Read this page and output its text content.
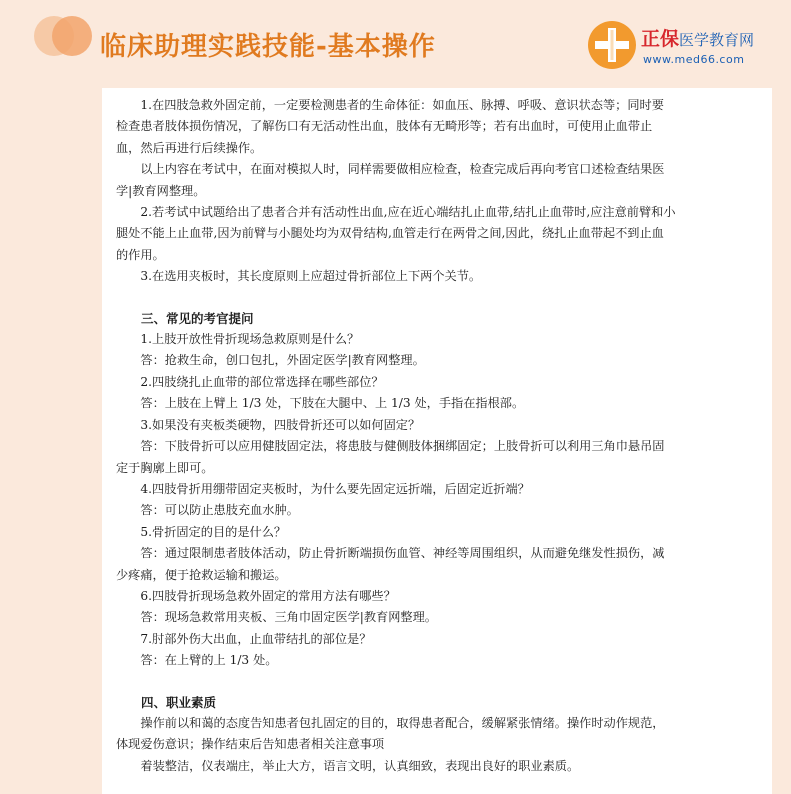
临床助理实践技能-基本操作	正保医学教育网
www.med66.com

1.在四肢急救外固定前，一定要检测患者的生命体征：如血压、脉搏、呼吸、意识状态等；同时要检查患者肢体损伤情况，了解伤口有无活动性出血，肢体有无畸形等；若有出血时，可使用止血带止血，然后再进行后续操作。

以上内容在考试中，在面对模拟人时，同样需要做相应检查，检查完成后再向考官口述检查结果医学|教育网整理。

2.若考试中试题给出了患者合并有活动性出血,应在近心端结扎止血带,结扎止血带时,应注意前臂和小腿处不能上止血带,因为前臂与小腿处均为双骨结构,血管走行在两骨之间,因此，绕扎止血带起不到止血的作用。

3.在选用夹板时，其长度原则上应超过骨折部位上下两个关节。

三、常见的考官提问

1.上肢开放性骨折现场急救原则是什么？

答：抢救生命，创口包扎，外固定医学|教育网整理。

2.四肢绕扎止血带的部位常选择在哪些部位？

答：上肢在上臂上 1/3 处，下肢在大腿中、上 1/3 处，手指在指根部。

3.如果没有夹板类硬物，四肢骨折还可以如何固定？

答：下肢骨折可以应用健肢固定法，将患肢与健侧肢体捆绑固定；上肢骨折可以利用三角巾悬吊固定于胸廓上即可。

4.四肢骨折用绷带固定夹板时，为什么要先固定远折端，后固定近折端？

答：可以防止患肢充血水肿。

5.骨折固定的目的是什么？

答：通过限制患者肢体活动，防止骨折断端损伤血管、神经等周围组织，从而避免继发性损伤，减少疼痛，便于抢救运输和搬运。

6.四肢骨折现场急救外固定的常用方法有哪些？

答：现场急救常用夹板、三角巾固定医学|教育网整理。

7.肘部外伤大出血，止血带结扎的部位是？

答：在上臂的上 1/3 处。

四、职业素质

操作前以和蔼的态度告知患者包扎固定的目的，取得患者配合，缓解紧张情绪。操作时动作规范，体现爱伤意识；操作结束后告知患者相关注意事项

着装整洁，仪表端庄，举止大方，语言文明，认真细致，表现出良好的职业素质。
